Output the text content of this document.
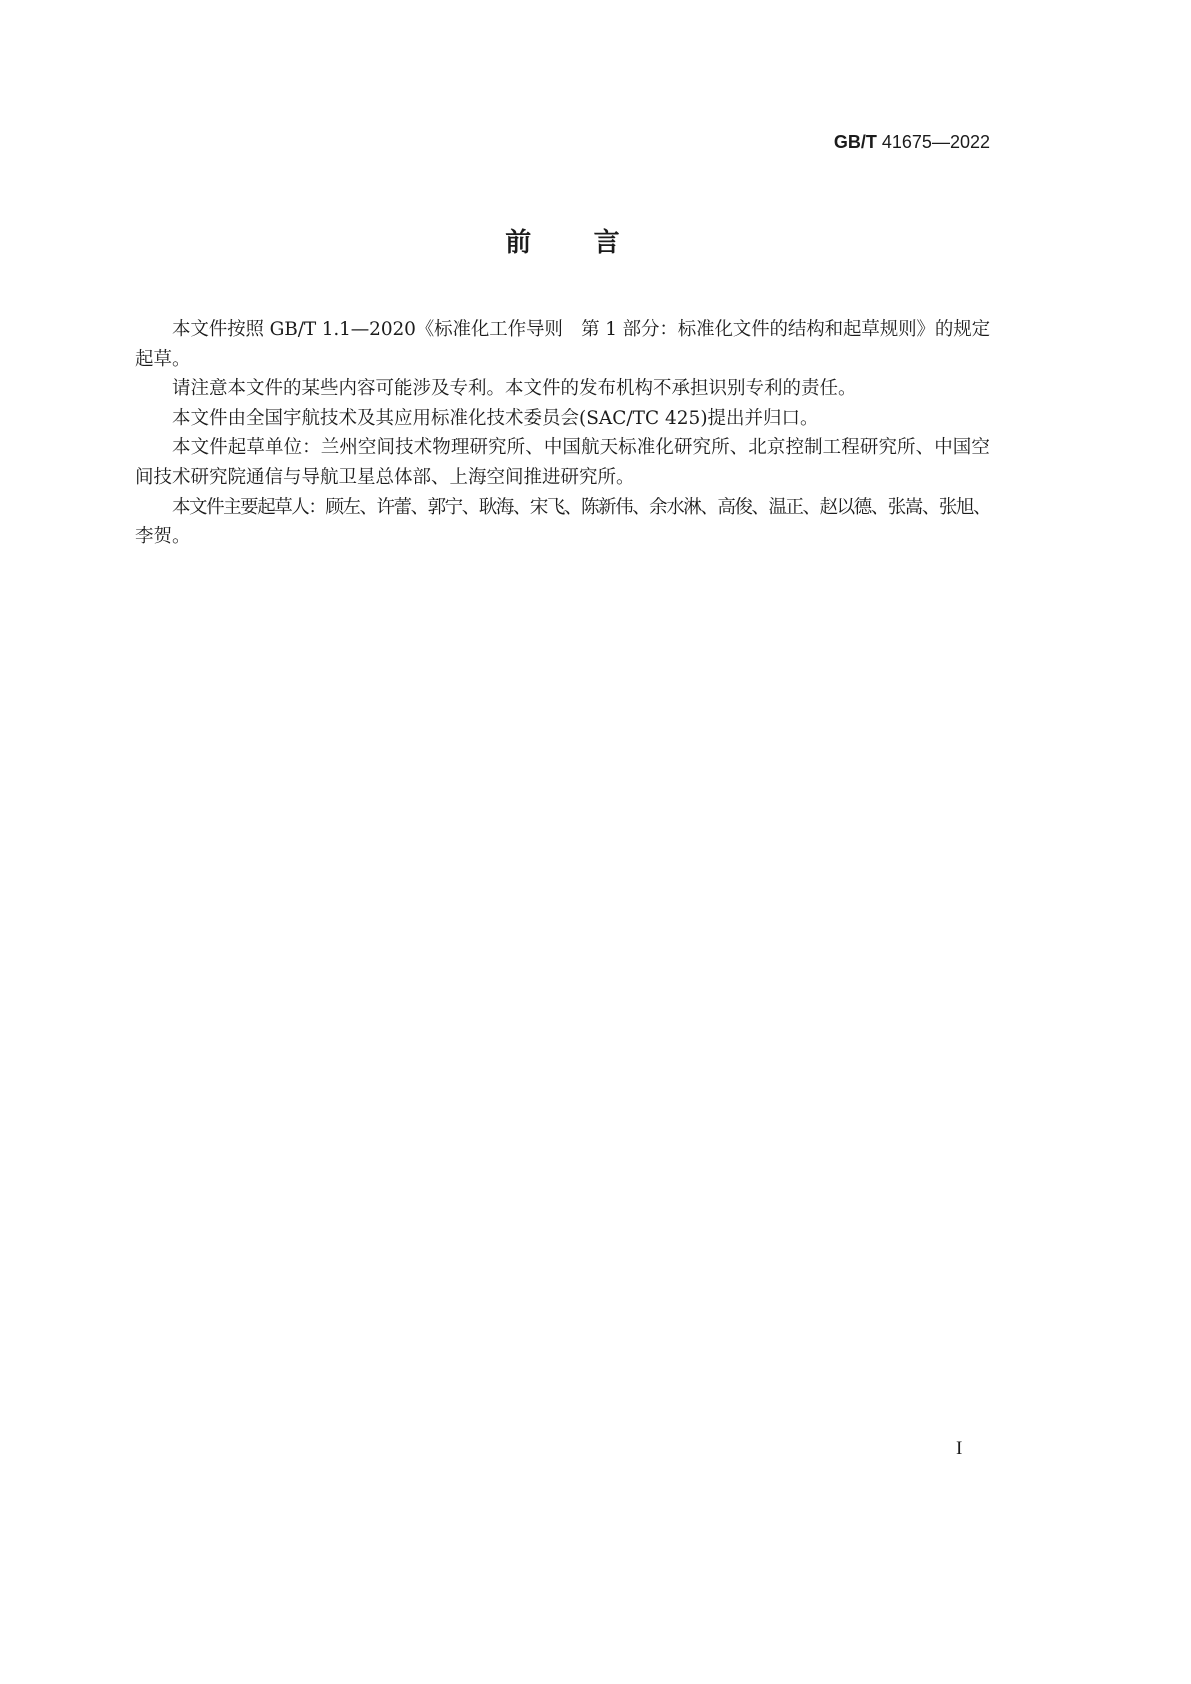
GB/T 41675—2022
前言

本文件按照 GB/T 1.1—2020《标准化工作导则　第 1 部分：标准化文件的结构和起草规则》的规定
起草。

请注意本文件的某些内容可能涉及专利。本文件的发布机构不承担识别专利的责任。

本文件由全国宇航技术及其应用标准化技术委员会(SAC/TC 425)提出并归口。

本文件起草单位：兰州空间技术物理研究所、中国航天标准化研究所、北京控制工程研究所、中国空
间技术研究院通信与导航卫星总体部、上海空间推进研究所。

本文件主要起草人：顾左、许蕾、郭宁、耿海、宋飞、陈新伟、余水淋、高俊、温正、赵以德、张嵩、张旭、
李贺。

I
